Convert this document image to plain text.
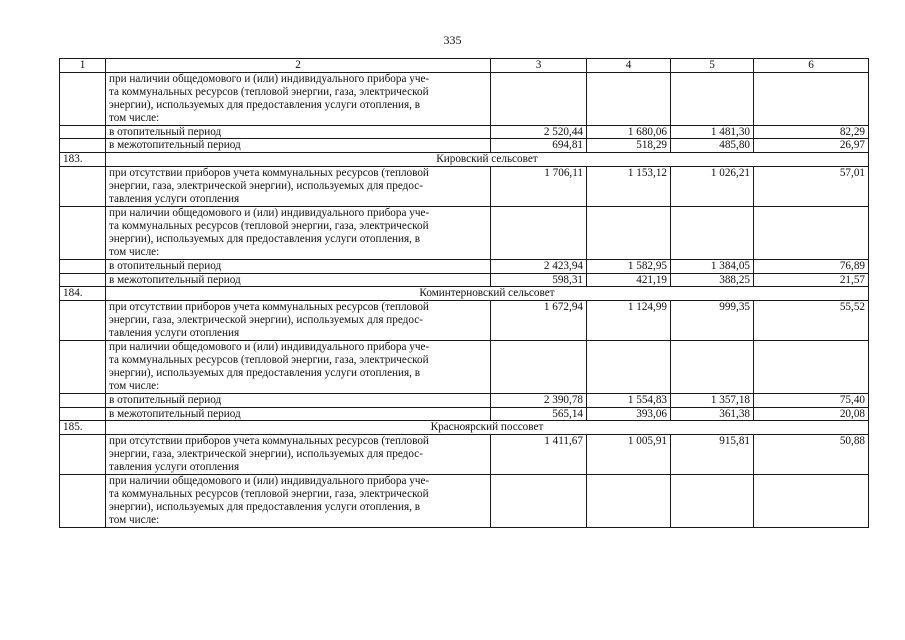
335
1	2	3	4	5	6
	при наличии общедомового и (или) индивидуального прибора уче-
та коммунальных ресурсов (тепловой энергии, газа, электрической
энергии), используемых для предоставления услуги отопления, в
том числе:				
	в отопительный период	2 520,44	1 680,06	1 481,30	82,29
	в межотопительный период	694,81	518,29	485,80	26,97
183.	Кировский сельсовет				
	при отсутствии приборов учета коммунальных ресурсов (тепловой
энергии, газа, электрической энергии), используемых для предос-
тавления услуги отопления	1 706,11	1 153,12	1 026,21	57,01
	при наличии общедомового и (или) индивидуального прибора уче-
та коммунальных ресурсов (тепловой энергии, газа, электрической
энергии), используемых для предоставления услуги отопления, в
том числе:				
	в отопительный период	2 423,94	1 582,95	1 384,05	76,89
	в межотопительный период	598,31	421,19	388,25	21,57
184.	Коминтерновский сельсовет				
	при отсутствии приборов учета коммунальных ресурсов (тепловой
энергии, газа, электрической энергии), используемых для предос-
тавления услуги отопления	1 672,94	1 124,99	999,35	55,52
	при наличии общедомового и (или) индивидуального прибора уче-
та коммунальных ресурсов (тепловой энергии, газа, электрической
энергии), используемых для предоставления услуги отопления, в
том числе:				
	в отопительный период	2 390,78	1 554,83	1 357,18	75,40
	в межотопительный период	565,14	393,06	361,38	20,08
185.	Красноярский поссовет				
	при отсутствии приборов учета коммунальных ресурсов (тепловой
энергии, газа, электрической энергии), используемых для предос-
тавления услуги отопления	1 411,67	1 005,91	915,81	50,88
	при наличии общедомового и (или) индивидуального прибора уче-
та коммунальных ресурсов (тепловой энергии, газа, электрической
энергии), используемых для предоставления услуги отопления, в
том числе:				
